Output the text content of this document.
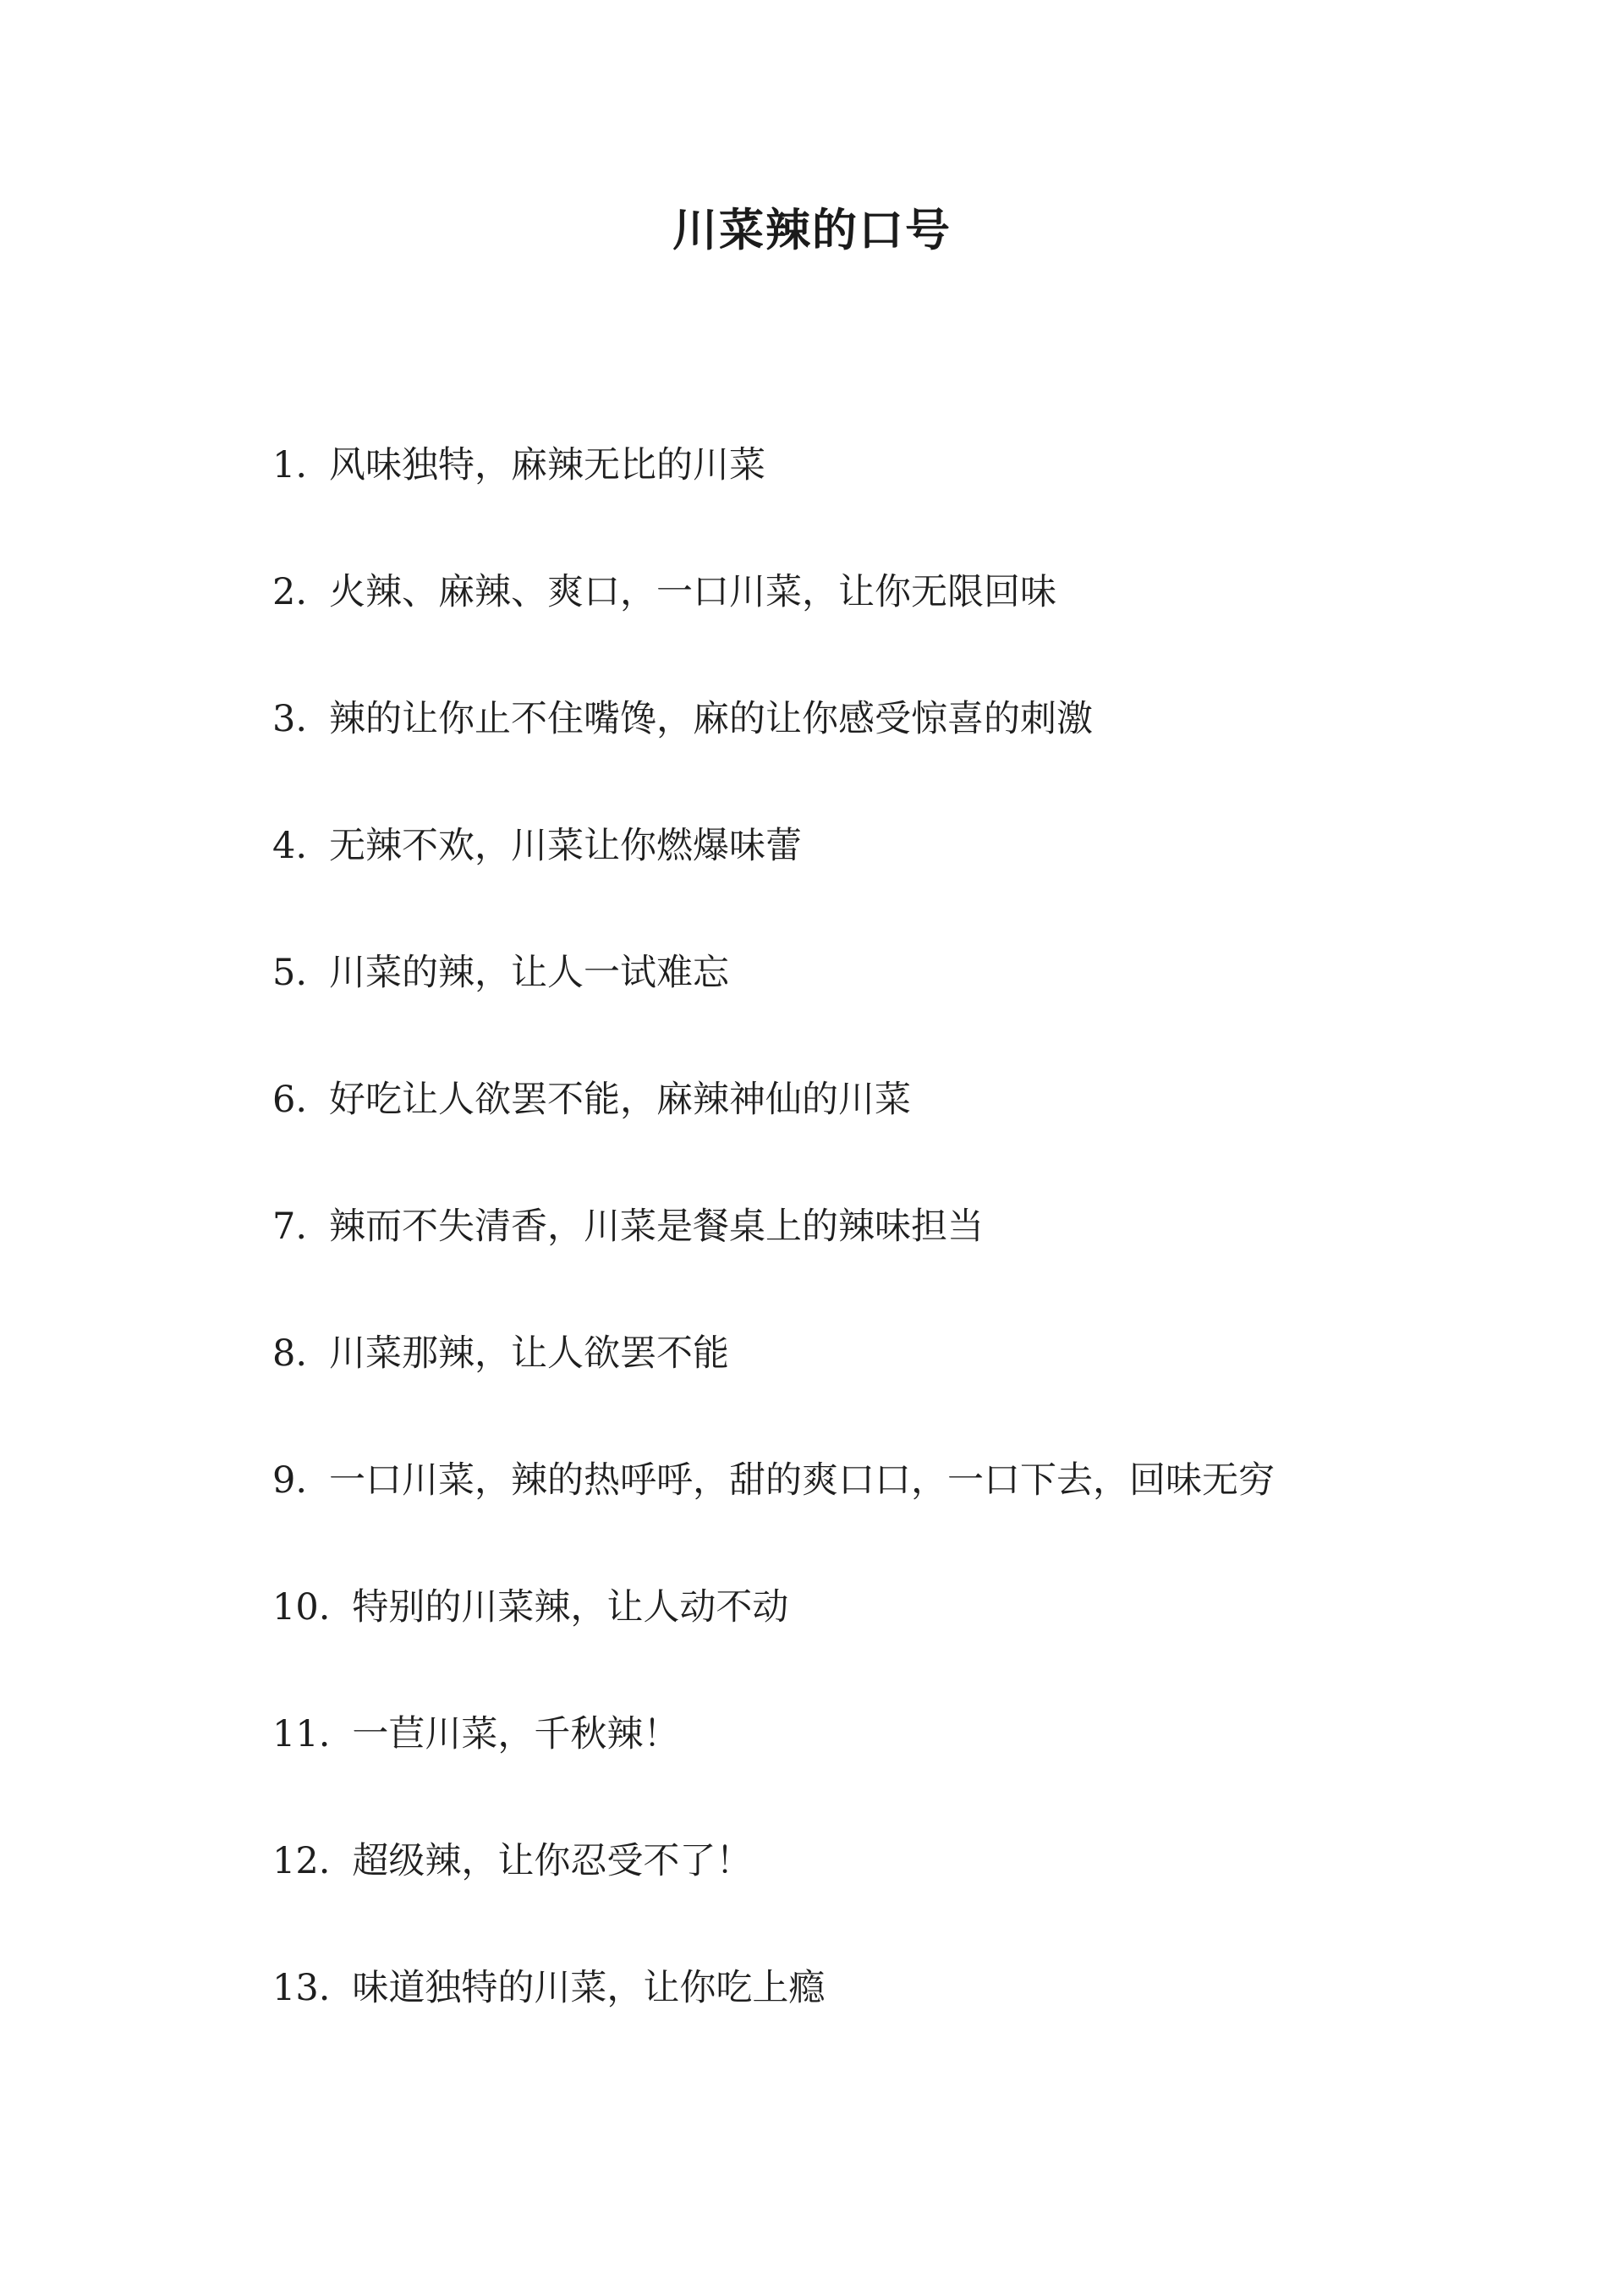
川菜辣的口号
1. 风味独特，麻辣无比的川菜
2. 火辣、麻辣、爽口，一口川菜，让你无限回味
3. 辣的让你止不住嘴馋，麻的让你感受惊喜的刺激
4. 无辣不欢，川菜让你燃爆味蕾
5. 川菜的辣，让人一试难忘
6. 好吃让人欲罢不能，麻辣神仙的川菜
7. 辣而不失清香，川菜是餐桌上的辣味担当
8. 川菜那辣，让人欲罢不能
9. 一口川菜，辣的热呼呼，甜的爽口口，一口下去，回味无穷
10. 特别的川菜辣，让人动不动
11. 一苣川菜，千秋辣！
12. 超级辣，让你忍受不了！
13. 味道独特的川菜，让你吃上瘾
